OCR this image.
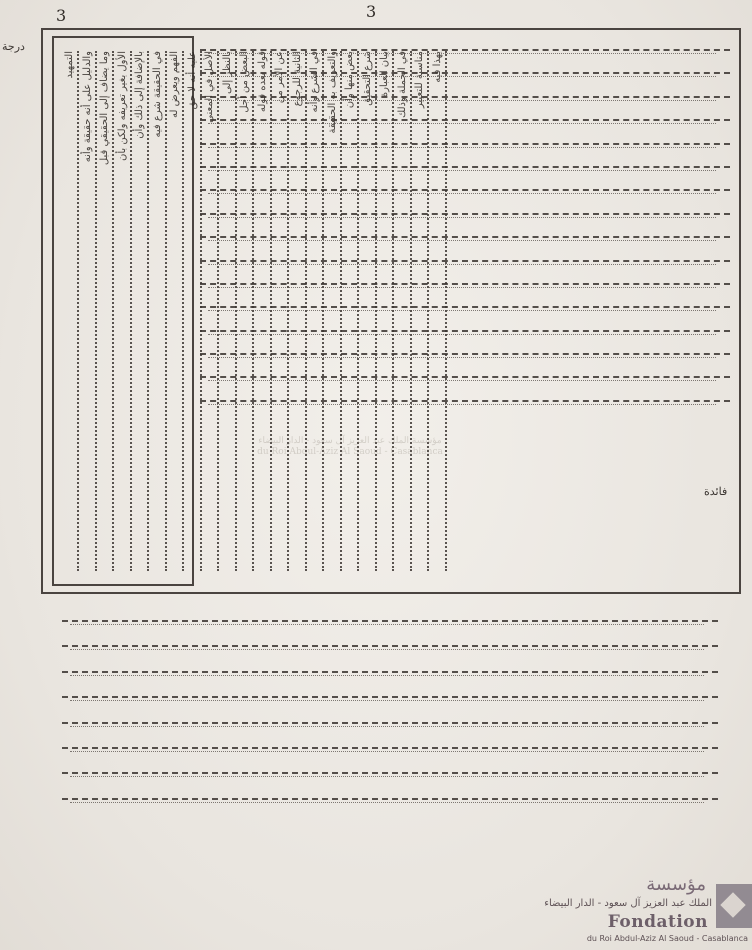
3	3
درجة
التمهيد والدليل على أنه حقيقة وأنه وما يضاف إلى الحقيقي قبل الأول بغير تعريفه ولكن بأن بالإضافة إلى ذلك وأن في الحقيقة شرع فيه الفهم ويعرض له عليه أنه لا حق الأصل في المعنى بالنظر إلى البعض من أجل قوله بعده قوله عن الأمر من الثانية للرجوع في الشرع وأنه والتعريف به الحقيقة بعض منها وأن شرع التحقيق بيان العبارة في الجملة وذلك مناسبة للتعبير بهذا فيه
فائدة
مؤسسة الملك عبد العزيز آل سعود - الدار البيضاء
du Roi Abdul-Aziz Al Saoud - Casablanca
مؤسسة
الملك عبد العزيز آل سعود - الدار البيضاء
Fondation
du Roi Abdul-Aziz Al Saoud - Casablanca
